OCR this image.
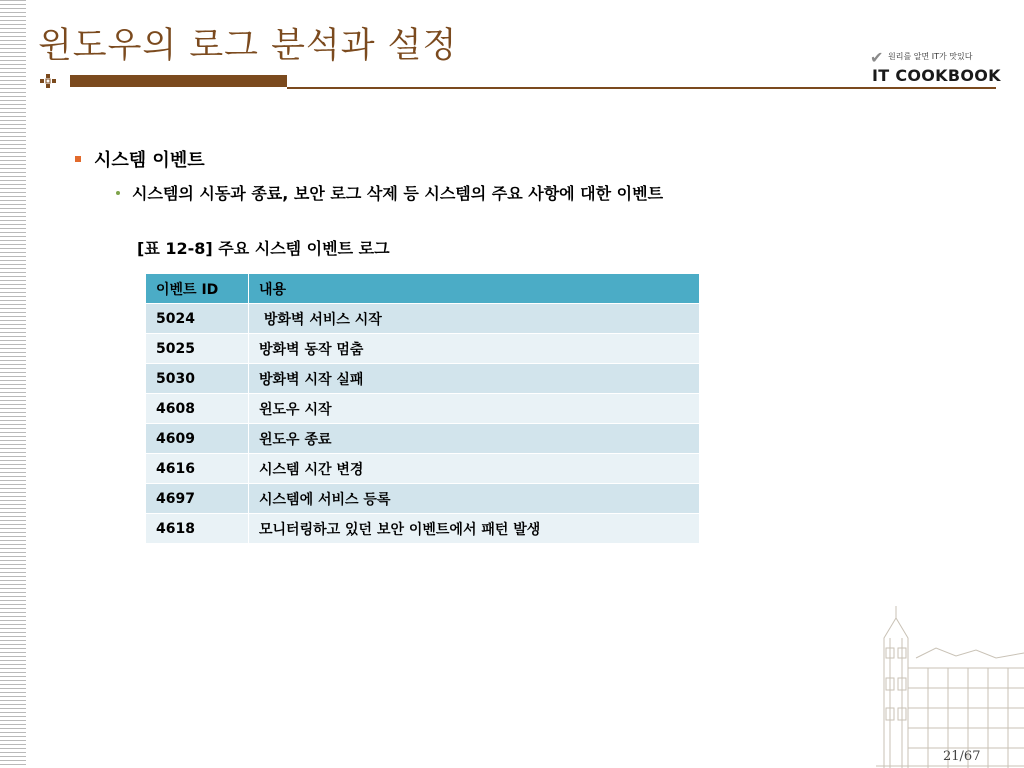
윈도우의 로그 분석과 설정	✔ 원리를 알면 IT가 맛있다
IT COOKBOOK
시스템 이벤트
시스템의 시동과 종료, 보안 로그 삭제 등 시스템의 주요 사항에 대한 이벤트
[표 12-8] 주요 시스템 이벤트 로그
이벤트 ID	내용
5024	방화벽 서비스 시작
5025	방화벽 동작 멈춤
5030	방화벽 시작 실패
4608	윈도우 시작
4609	윈도우 종료
4616	시스템 시간 변경
4697	시스템에 서비스 등록
4618	모니터링하고 있던 보안 이벤트에서 패턴 발생
21/67
